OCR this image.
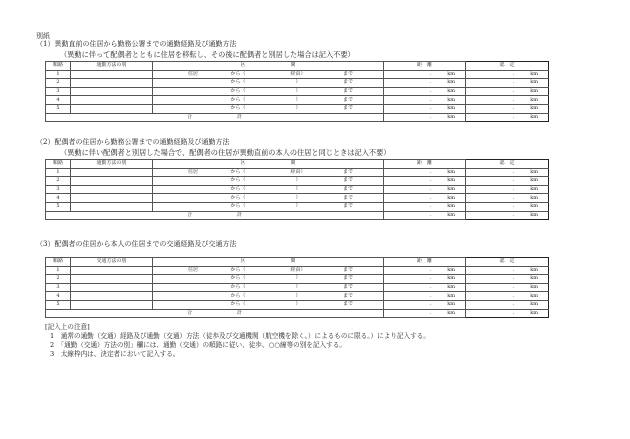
別紙
（1）異動直前の住居から勤務公署までの通勤経路及び通勤方法
（異動に伴って配偶者とともに住居を移転し、その後に配偶者と別居した場合は記入不要）
順路	通勤方法の別	区　　　　　　　　　間	距　離	認　定
1		住居 から（ 経由） まで	. km	. km

2		から（ ） まで	. km	. km

3		から（ ） まで	. km	. km

4		から（ ） まで	. km	. km

5		から（ ） まで	. km	. km

合　　　　　　　　　計			. km	. km
（2）配偶者の住居から勤務公署までの通勤経路及び通勤方法
（異動に伴い配偶者と別居した場合で、配偶者の住居が異動直前の本人の住居と同じときは記入不要）
順路	通勤方法の別	区　　　　　　　　　間	距　離	認　定
1		住居 から（ 経由） まで	. km	. km

2		から（ ） まで	. km	. km

3		から（ ） まで	. km	. km

4		から（ ） まで	. km	. km

5		から（ ） まで	. km	. km

合　　　　　　　　　計			. km	. km
（3）配偶者の住居から本人の住居までの交通経路及び交通方法
順路	交通方法の別	区　　　　　　　　　間	距　離	認　定
1		住居 から（ 経由） まで	. km	. km

2		から（ ） まで	. km	. km

3		から（ ） まで	. km	. km

4		から（ ） まで	. km	. km

5		から（ ） まで	. km	. km

合　　　　　　　　　計			. km	. km
[記入上の注意]
1　通常の通勤（交通）経路及び通勤（交通）方法（徒歩及び交通機関（航空機を除く。）によるものに限る。）により記入する。
2　「通勤（交通）方法の別」欄には、通勤（交通）の順路に従い、徒歩、○○線等の別を記入する。
3　太線枠内は、決定者において記入する。
